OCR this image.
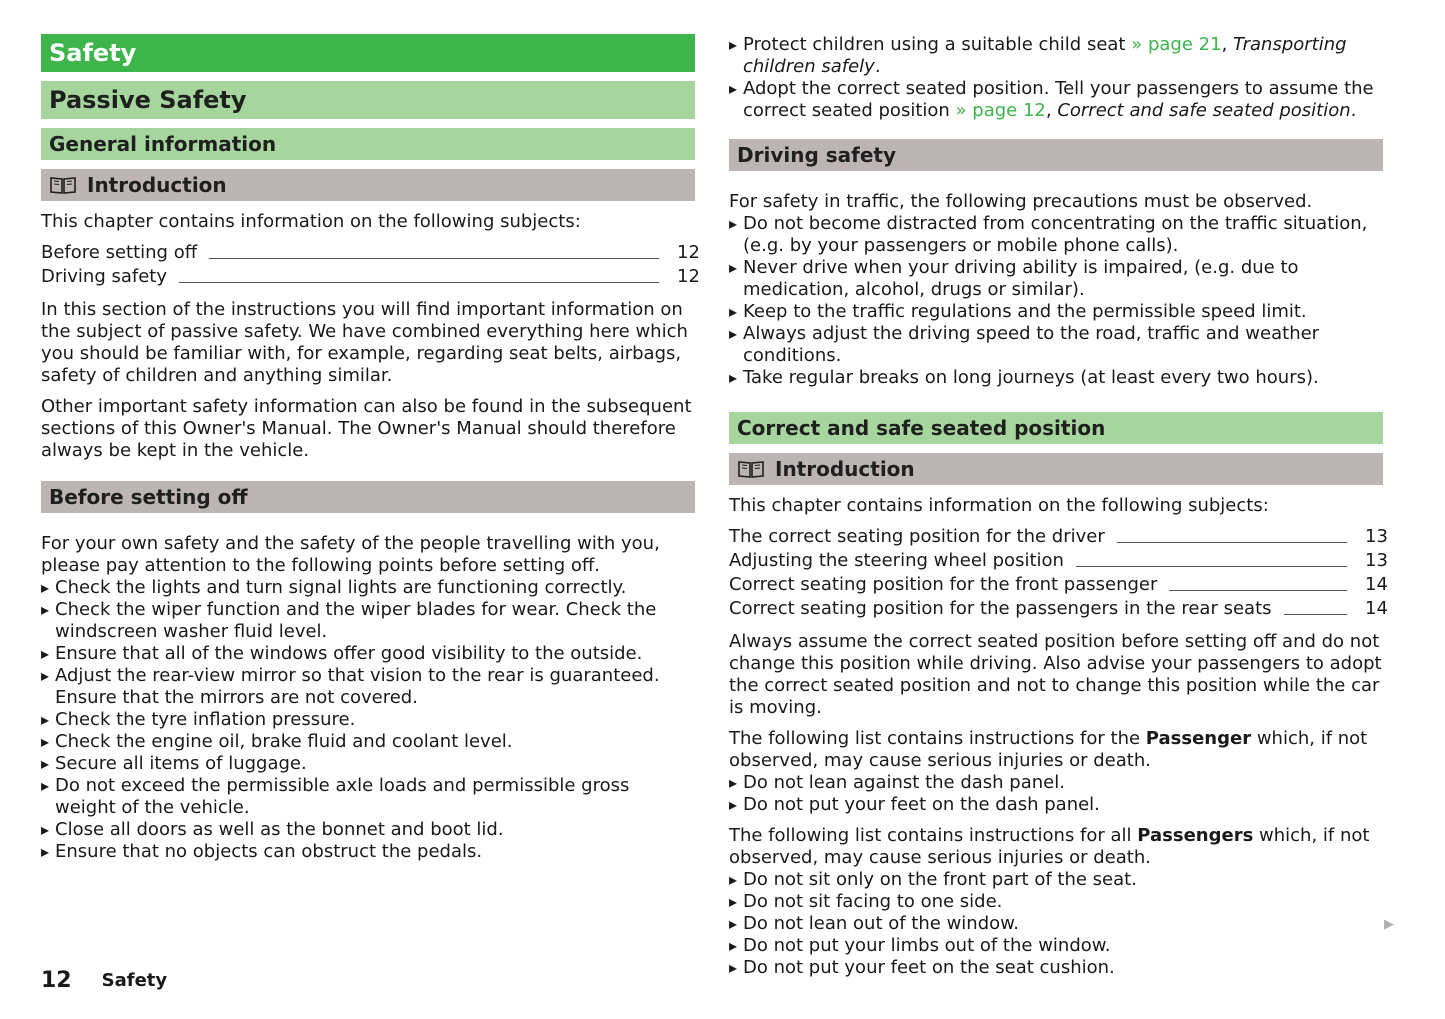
Safety
Passive Safety
General information
Introduction

This chapter contains information on the following subjects:

Before setting off	12
Driving safety	12

In this section of the instructions you will find important information on the subject of passive safety. We have combined everything here which you should be familiar with, for example, regarding seat belts, airbags, safety of children and anything similar.

Other important safety information can also be found in the subsequent sections of this Owner's Manual. The Owner's Manual should therefore always be kept in the vehicle.

Before setting off

For your own safety and the safety of the people travelling with you, please pay attention to the following points before setting off.

▸ Check the lights and turn signal lights are functioning correctly.
▸ Check the wiper function and the wiper blades for wear. Check the windscreen washer fluid level.
▸ Ensure that all of the windows offer good visibility to the outside.
▸ Adjust the rear-view mirror so that vision to the rear is guaranteed. Ensure that the mirrors are not covered.
▸ Check the tyre inflation pressure.
▸ Check the engine oil, brake fluid and coolant level.
▸ Secure all items of luggage.
▸ Do not exceed the permissible axle loads and permissible gross weight of the vehicle.
▸ Close all doors as well as the bonnet and boot lid.
▸ Ensure that no objects can obstruct the pedals.
▸ Protect children using a suitable child seat » page 21, Transporting children safely.
▸ Adopt the correct seated position. Tell your passengers to assume the correct seated position » page 12, Correct and safe seated position.
Driving safety

For safety in traffic, the following precautions must be observed.

▸ Do not become distracted from concentrating on the traffic situation, (e.g. by your passengers or mobile phone calls).
▸ Never drive when your driving ability is impaired, (e.g. due to medication, alcohol, drugs or similar).
▸ Keep to the traffic regulations and the permissible speed limit.
▸ Always adjust the driving speed to the road, traffic and weather conditions.
▸ Take regular breaks on long journeys (at least every two hours).
Correct and safe seated position
Introduction

This chapter contains information on the following subjects:

The correct seating position for the driver	13
Adjusting the steering wheel position	13
Correct seating position for the front passenger	14
Correct seating position for the passengers in the rear seats	14

Always assume the correct seated position before setting off and do not change this position while driving. Also advise your passengers to adopt the correct seated position and not to change this position while the car is moving.

The following list contains instructions for the Passenger which, if not observed, may cause serious injuries or death.

▸ Do not lean against the dash panel.
▸ Do not put your feet on the dash panel.

The following list contains instructions for all Passengers which, if not observed, may cause serious injuries or death.

▸ Do not sit only on the front part of the seat.
▸ Do not sit facing to one side.
▸ Do not lean out of the window.
▸ Do not put your limbs out of the window.
▸ Do not put your feet on the seat cushion.
▶
12 Safety
